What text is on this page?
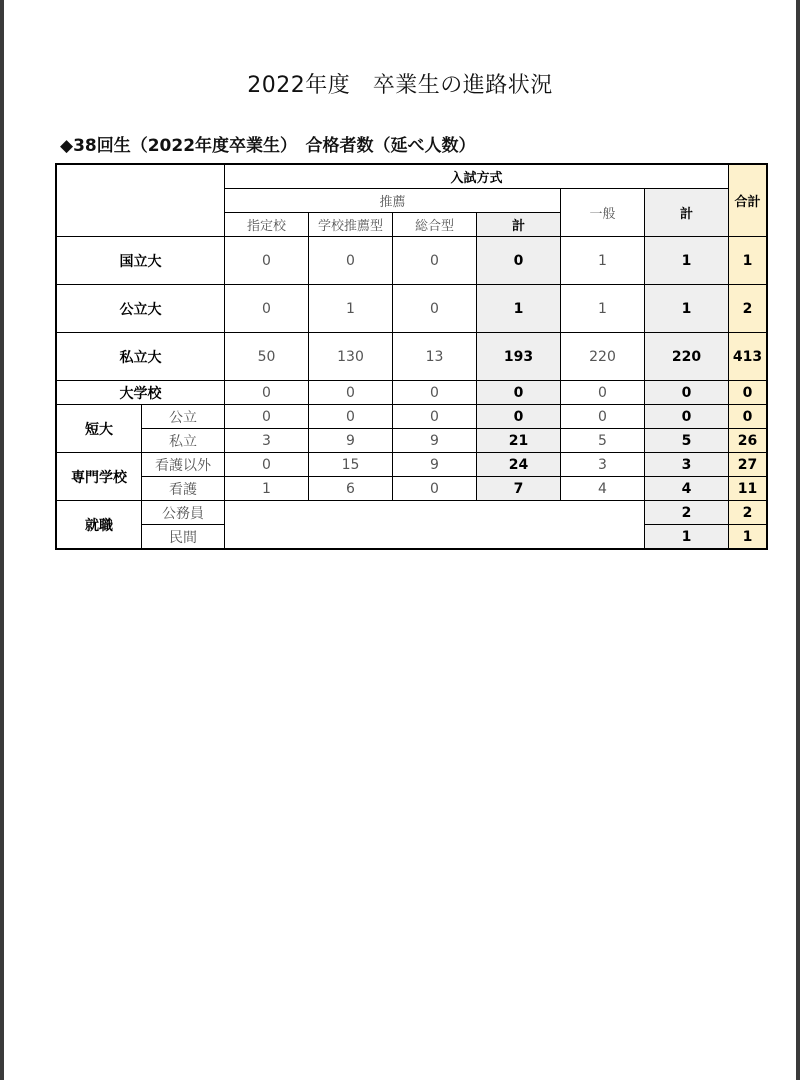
2022年度　卒業生の進路状況
◆38回生（2022年度卒業生）　合格者数（延べ人数）
		入試方式						合計
		推薦				一般	計	
		指定校	学校推薦型	総合型	計			
国立大		0	0	0	0	1	1	1
公立大		0	1	0	1	1	1	2
私立大		50	130	13	193	220	220	413
大学校		0	0	0	0	0	0	0
短大	公立	0	0	0	0	0	0	0
	私立	3	9	9	21	5	5	26
専門学校	看護以外	0	15	9	24	3	3	27
	看護	1	6	0	7	4	4	11
就職	公務員						2	2
	民間						1	1
